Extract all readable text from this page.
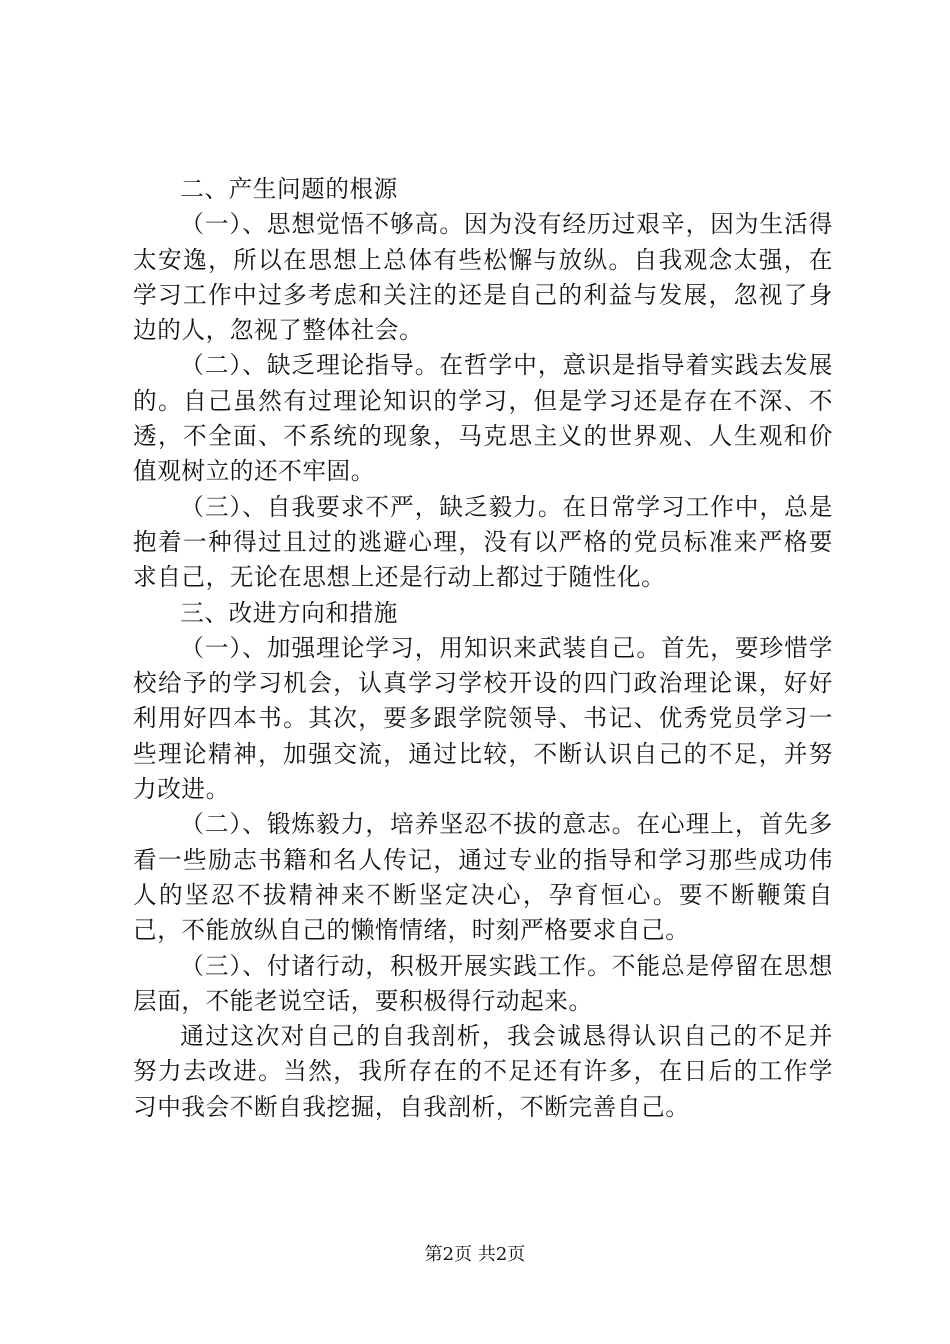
二、产生问题的根源

（一）、思想觉悟不够高。因为没有经历过艰辛，因为生活得太安逸，所以在思想上总体有些松懈与放纵。自我观念太强，在学习工作中过多考虑和关注的还是自己的利益与发展，忽视了身边的人，忽视了整体社会。

（二）、缺乏理论指导。在哲学中，意识是指导着实践去发展的。自己虽然有过理论知识的学习，但是学习还是存在不深、不透，不全面、不系统的现象，马克思主义的世界观、人生观和价值观树立的还不牢固。

（三）、自我要求不严，缺乏毅力。在日常学习工作中，总是抱着一种得过且过的逃避心理，没有以严格的党员标准来严格要求自己，无论在思想上还是行动上都过于随性化。

三、改进方向和措施

（一）、加强理论学习，用知识来武装自己。首先，要珍惜学校给予的学习机会，认真学习学校开设的四门政治理论课，好好利用好四本书。其次，要多跟学院领导、书记、优秀党员学习一些理论精神，加强交流，通过比较，不断认识自己的不足，并努力改进。

（二）、锻炼毅力，培养坚忍不拔的意志。在心理上，首先多看一些励志书籍和名人传记，通过专业的指导和学习那些成功伟人的坚忍不拔精神来不断坚定决心，孕育恒心。要不断鞭策自己，不能放纵自己的懒惰情绪，时刻严格要求自己。

（三）、付诸行动，积极开展实践工作。不能总是停留在思想层面，不能老说空话，要积极得行动起来。

通过这次对自己的自我剖析，我会诚恳得认识自己的不足并努力去改进。当然，我所存在的不足还有许多，在日后的工作学习中我会不断自我挖掘，自我剖析，不断完善自己。

第2页 共2页
